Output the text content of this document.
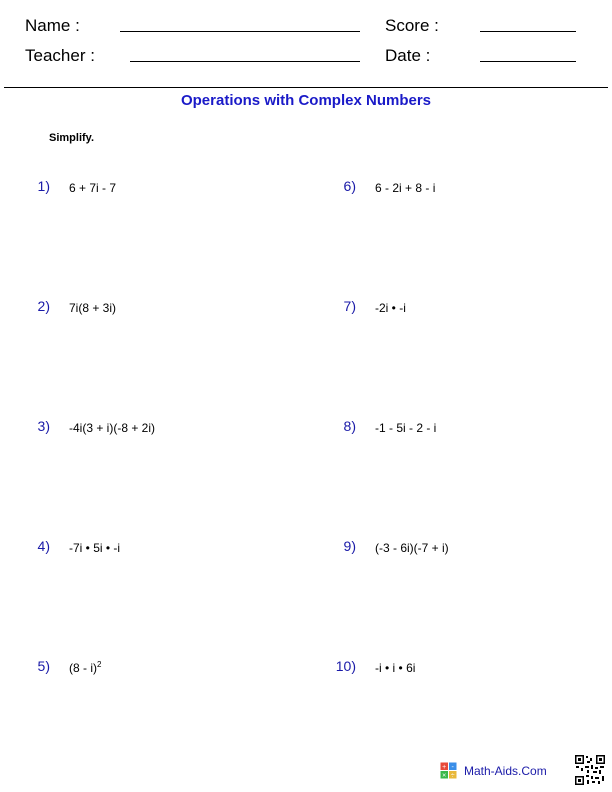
Name :	Score :
Teacher :	Date :
Operations with Complex Numbers
Simplify.
1) 6 + 7i - 7
2) 7i(8 + 3i)
3) -4i(3 + i)(-8 + 2i)
4) -7i • 5i • -i
5) (8 - i)$^2$
6) 6 - 2i + 8 - i
7) -2i • -i
8) -1 - 5i - 2 - i
9) (-3 - 6i)(-7 + i)
10) -i • i • 6i
+ -
× ÷ Math-Aids.Com
